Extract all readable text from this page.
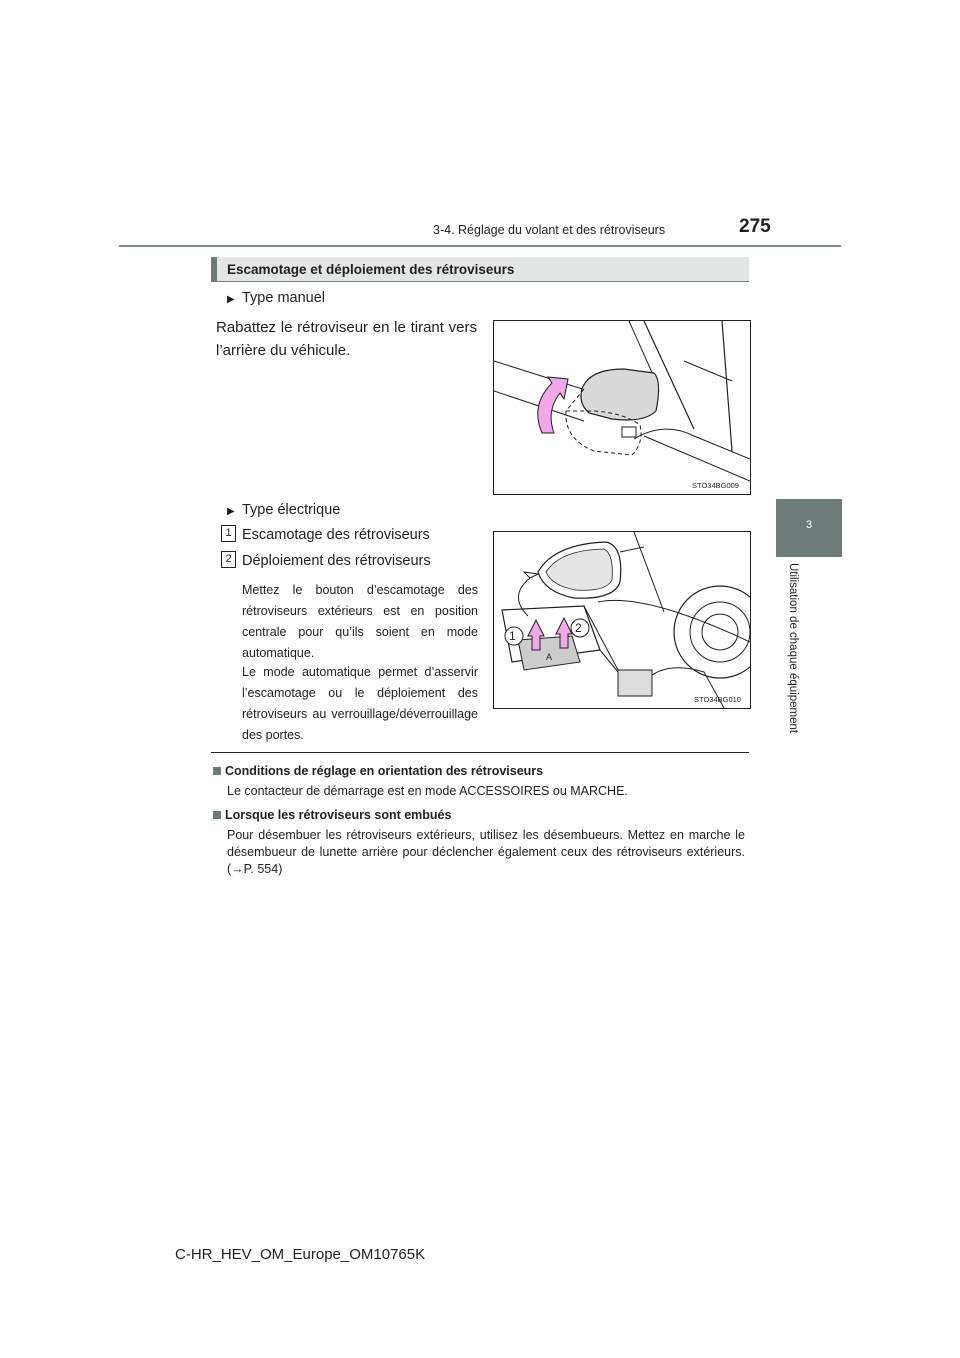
3-4. Réglage du volant et des rétroviseurs	275
3
Utilisation de chaque équipement
Escamotage et déploiement des rétroviseurs
▶ Type manuel
Rabattez le rétroviseur en le tirant vers l’arrière du véhicule.
STO34BG009
▶ Type électrique
1 Escamotage des rétroviseurs
2 Déploiement des rétroviseurs
Mettez le bouton d’escamotage des rétroviseurs extérieurs est en position centrale pour qu’ils soient en mode automatique.
Le mode automatique permet d’asservir l’escamotage ou le déploiement des rétroviseurs au verrouillage/déverrouillage des portes.
1
2
A
STO34BG010
Conditions de réglage en orientation des rétroviseurs
Le contacteur de démarrage est en mode ACCESSOIRES ou MARCHE.
Lorsque les rétroviseurs sont embués
Pour désembuer les rétroviseurs extérieurs, utilisez les désembueurs. Mettez en marche le désembueur de lunette arrière pour déclencher également ceux des rétroviseurs extérieurs. (→P. 554)
C-HR_HEV_OM_Europe_OM10765K
